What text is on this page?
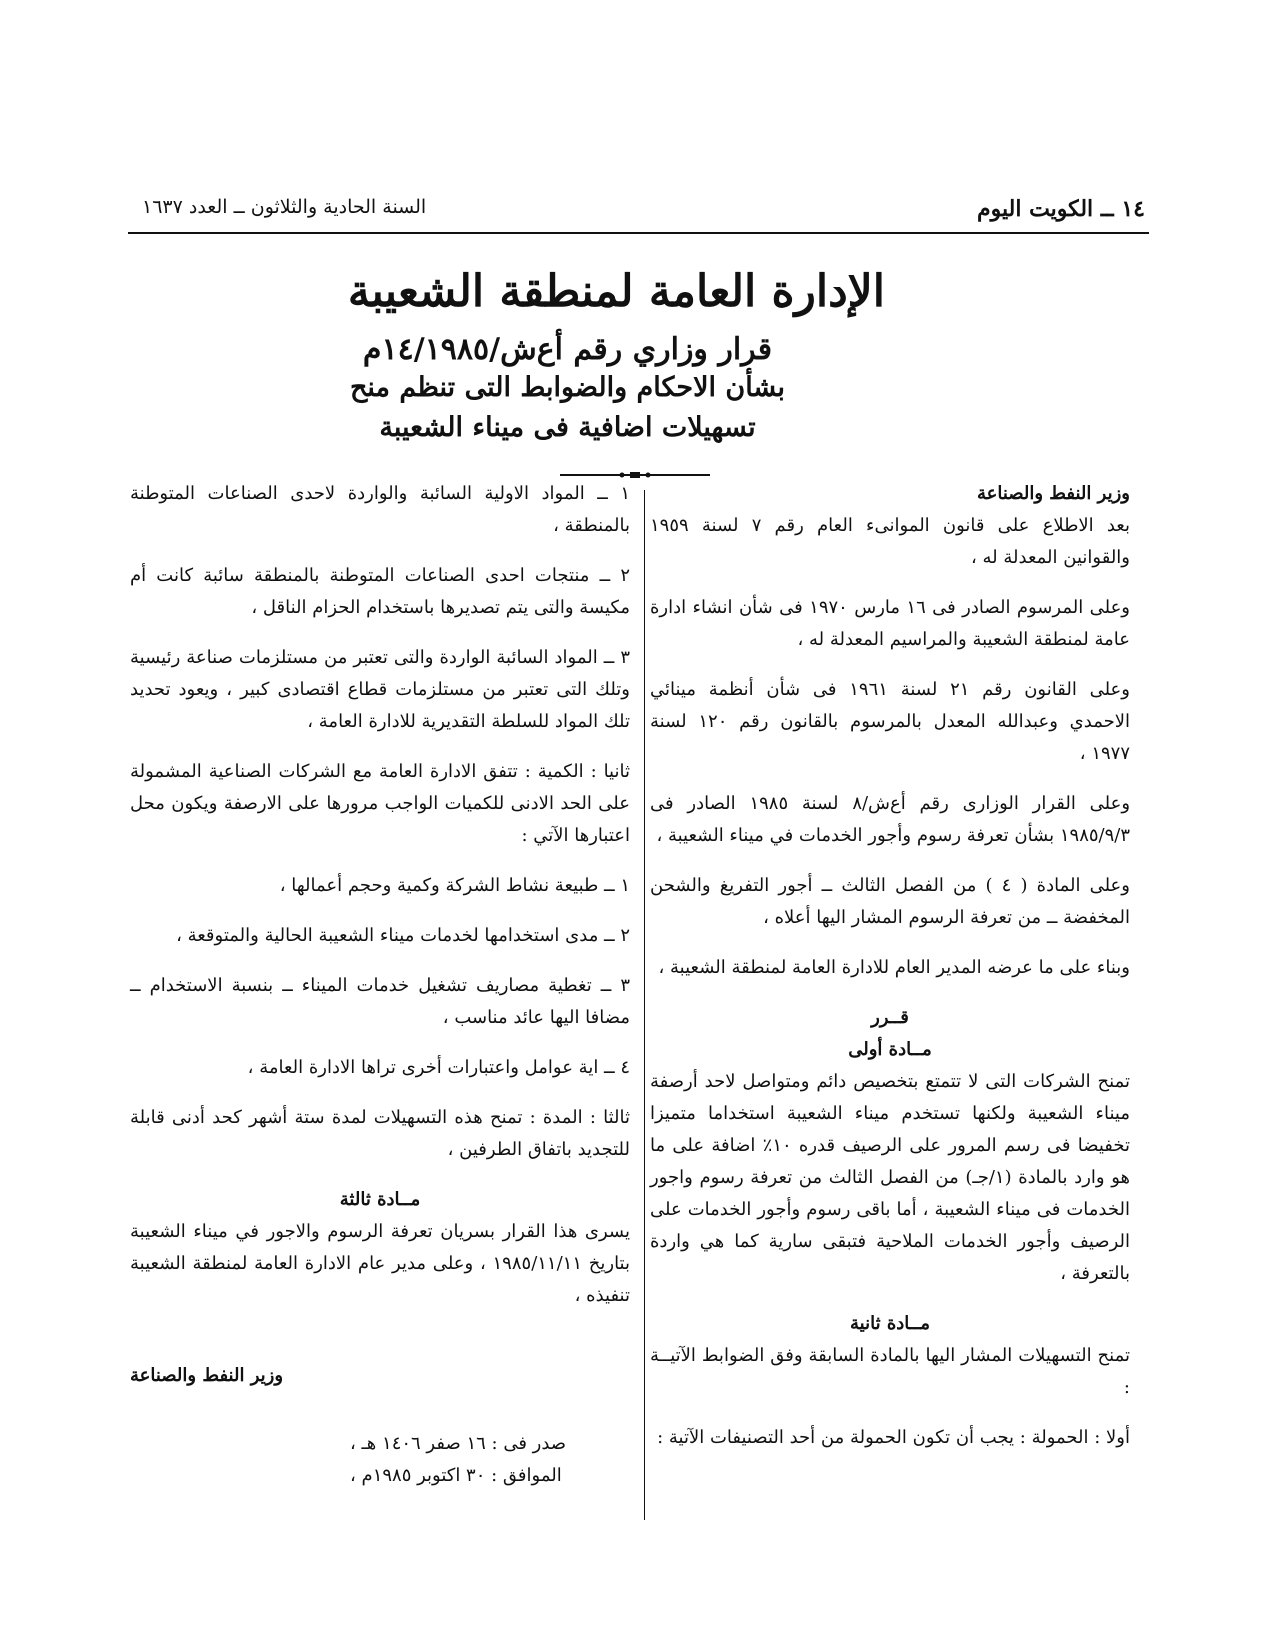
١٤ ــ الكويت اليوم
السنة الحادية والثلاثون ــ العدد ١٦٣٧
الإدارة العامة لمنطقة الشعيبة
قرار وزاري رقم أع‌ش/١٤/١٩٨٥م
بشأن الاحكام والضوابط التى تنظم منح
تسهيلات اضافية فى ميناء الشعيبة

وزير النفط والصناعة

بعد الاطلاع على قانون الموانىء العام رقم ٧ لسنة ١٩٥٩ والقوانين المعدلة له ،

وعلى المرسوم الصادر فى ١٦ مارس ١٩٧٠ فى شأن انشاء ادارة عامة لمنطقة الشعيبة والمراسيم المعدلة له ،

وعلى القانون رقم ٢١ لسنة ١٩٦١ فى شأن أنظمة مينائي الاحمدي وعبدالله المعدل بالمرسوم بالقانون رقم ١٢٠ لسنة ١٩٧٧ ،

وعلى القرار الوزارى رقم أع‌ش/٨ لسنة ١٩٨٥ الصادر فى ١٩٨٥/٩/٣ بشأن تعرفة رسوم وأجور الخدمات في ميناء الشعيبة ،

وعلى المادة ( ٤ ) من الفصل الثالث ــ أجور التفريغ والشحن المخفضة ــ من تعرفة الرسوم المشار اليها أعلاه ،

وبناء على ما عرضه المدير العام للادارة العامة لمنطقة الشعيبة ،

قــرر

مــادة أولى

تمنح الشركات التى لا تتمتع بتخصيص دائم ومتواصل لاحد أرصفة ميناء الشعيبة ولكنها تستخدم ميناء الشعيبة استخداما متميزا تخفيضا فى رسم المرور على الرصيف قدره ١٠٪ اضافة على ما هو وارد بالمادة (١/جـ) من الفصل الثالث من تعرفة رسوم واجور الخدمات فى ميناء الشعيبة ، أما باقى رسوم وأجور الخدمات على الرصيف وأجور الخدمات الملاحية فتبقى سارية كما هي واردة بالتعرفة ،

مــادة ثانية

تمنح التسهيلات المشار اليها بالمادة السابقة وفق الضوابط الآتيــة :

أولا : الحمولة : يجب أن تكون الحمولة من أحد التصنيفات الآتية :

١ ــ المواد الاولية السائبة والواردة لاحدى الصناعات المتوطنة بالمنطقة ،

٢ ــ منتجات احدى الصناعات المتوطنة بالمنطقة سائبة كانت أم مكيسة والتى يتم تصديرها باستخدام الحزام الناقل ،

٣ ــ المواد السائبة الواردة والتى تعتبر من مستلزمات صناعة رئيسية وتلك التى تعتبر من مستلزمات قطاع اقتصادى كبير ، ويعود تحديد تلك المواد للسلطة التقديرية للادارة العامة ،

ثانيا : الكمية : تتفق الادارة العامة مع الشركات الصناعية المشمولة على الحد الادنى للكميات الواجب مرورها على الارصفة ويكون محل اعتبارها الآتي :

١ ــ طبيعة نشاط الشركة وكمية وحجم أعمالها ،

٢ ــ مدى استخدامها لخدمات ميناء الشعيبة الحالية والمتوقعة ،

٣ ــ تغطية مصاريف تشغيل خدمات الميناء ــ بنسبة الاستخدام ــ مضافا اليها عائد مناسب ،

٤ ــ اية عوامل واعتبارات أخرى تراها الادارة العامة ،

ثالثا : المدة : تمنح هذه التسهيلات لمدة ستة أشهر كحد أدنى قابلة للتجديد باتفاق الطرفين ،

مــادة ثالثة

يسرى هذا القرار بسريان تعرفة الرسوم والاجور في ميناء الشعيبة بتاريخ ١٩٨٥/١١/١١ ، وعلى مدير عام الادارة العامة لمنطقة الشعيبة تنفيذه ،

وزير النفط والصناعة

صدر فى : ١٦ صفر ١٤٠٦ هـ ،

الموافق : ٣٠ اكتوبر ١٩٨٥م ،
